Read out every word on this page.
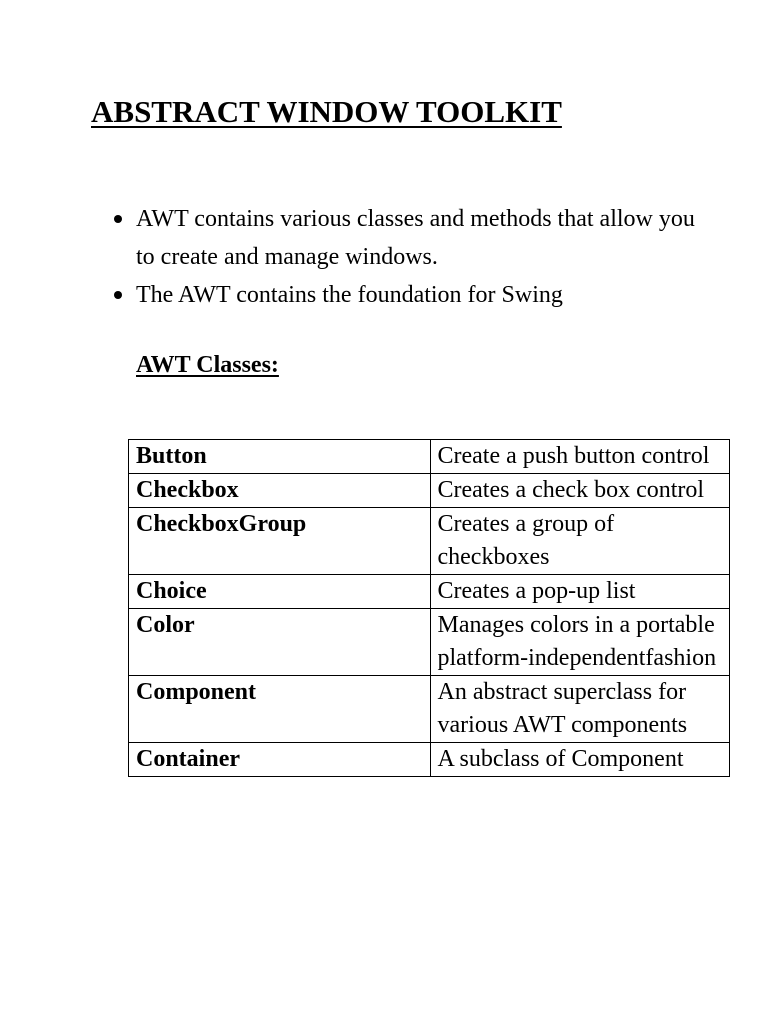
ABSTRACT WINDOW TOOLKIT
AWT contains various classes and methods that allow you to create and manage windows.
The AWT contains the foundation for Swing
AWT Classes:
Button	Create a push button control
Checkbox	Creates a check box control
CheckboxGroup	Creates a group of checkboxes
Choice	Creates a pop-up list
Color	Manages colors in a portable platform-independentfashion
Component	An abstract superclass for various AWT components
Container	A subclass of Component
